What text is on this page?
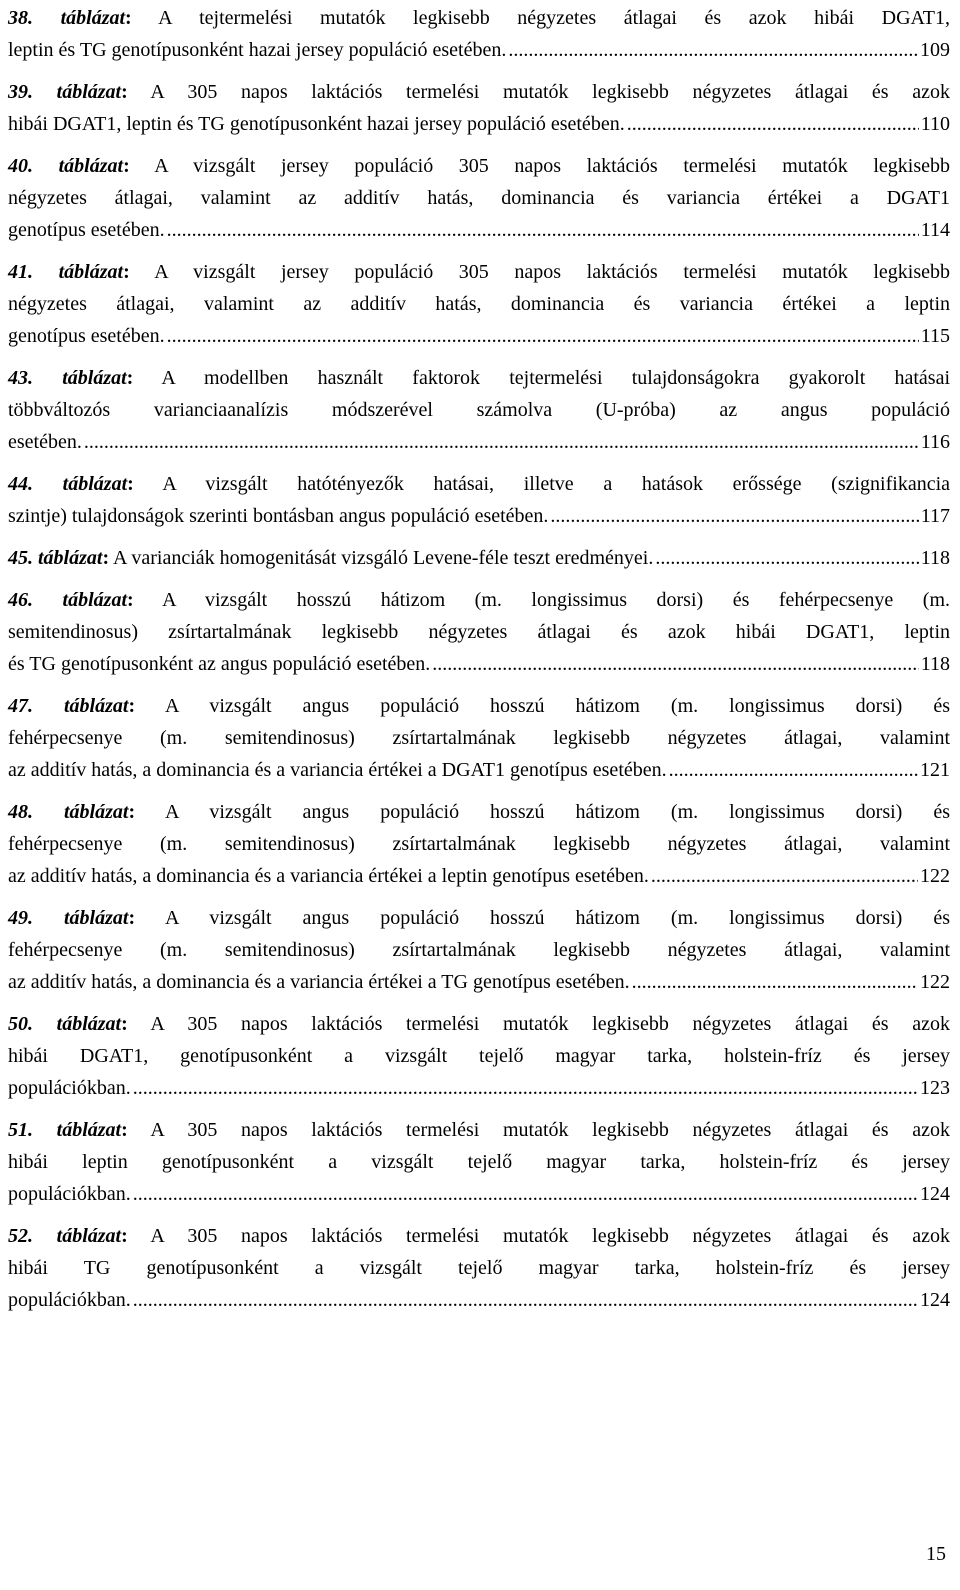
38. táblázat: A tejtermelési mutatók legkisebb négyzetes átlagai és azok hibái DGAT1,
leptin és TG genotípusonként hazai jersey populáció esetében. .....	109
39. táblázat: A 305 napos laktációs termelési mutatók legkisebb négyzetes átlagai és azok
hibái DGAT1, leptin és TG genotípusonként hazai jersey populáció esetében. .....	110
40. táblázat: A vizsgált jersey populáció 305 napos laktációs termelési mutatók legkisebb
négyzetes átlagai, valamint az additív hatás, dominancia és variancia értékei a DGAT1
genotípus esetében. .....	114
41. táblázat: A vizsgált jersey populáció 305 napos laktációs termelési mutatók legkisebb
négyzetes átlagai, valamint az additív hatás, dominancia és variancia értékei a leptin
genotípus esetében. .....	115
43. táblázat: A modellben használt faktorok tejtermelési tulajdonságokra gyakorolt hatásai
többváltozós varianciaanalízis módszerével számolva (U-próba) az angus populáció
esetében. .....	116
44. táblázat: A vizsgált hatótényezők hatásai, illetve a hatások erőssége (szignifikancia
szintje) tulajdonságok szerinti bontásban angus populáció esetében. .....	117
45. táblázat: A varianciák homogenitását vizsgáló Levene-féle teszt eredményei. .....	118
46. táblázat: A vizsgált hosszú hátizom (m. longissimus dorsi) és fehérpecsenye (m.
semitendinosus) zsírtartalmának legkisebb négyzetes átlagai és azok hibái DGAT1, leptin
és TG genotípusonként az angus populáció esetében. .....	118
47. táblázat: A vizsgált angus populáció hosszú hátizom (m. longissimus dorsi) és
fehérpecsenye (m. semitendinosus) zsírtartalmának legkisebb négyzetes átlagai, valamint
az additív hatás, a dominancia és a variancia értékei a DGAT1 genotípus esetében. .....	121
48. táblázat: A vizsgált angus populáció hosszú hátizom (m. longissimus dorsi) és
fehérpecsenye (m. semitendinosus) zsírtartalmának legkisebb négyzetes átlagai, valamint
az additív hatás, a dominancia és a variancia értékei a leptin genotípus esetében. .....	122
49. táblázat: A vizsgált angus populáció hosszú hátizom (m. longissimus dorsi) és
fehérpecsenye (m. semitendinosus) zsírtartalmának legkisebb négyzetes átlagai, valamint
az additív hatás, a dominancia és a variancia értékei a TG genotípus esetében. .....	122
50. táblázat: A 305 napos laktációs termelési mutatók legkisebb négyzetes átlagai és azok
hibái DGAT1, genotípusonként a vizsgált tejelő magyar tarka, holstein-fríz és jersey
populációkban. .....	123
51. táblázat: A 305 napos laktációs termelési mutatók legkisebb négyzetes átlagai és azok
hibái leptin genotípusonként a vizsgált tejelő magyar tarka, holstein-fríz és jersey
populációkban. .....	124
52. táblázat: A 305 napos laktációs termelési mutatók legkisebb négyzetes átlagai és azok
hibái TG genotípusonként a vizsgált tejelő magyar tarka, holstein-fríz és jersey
populációkban. .....	124
15
